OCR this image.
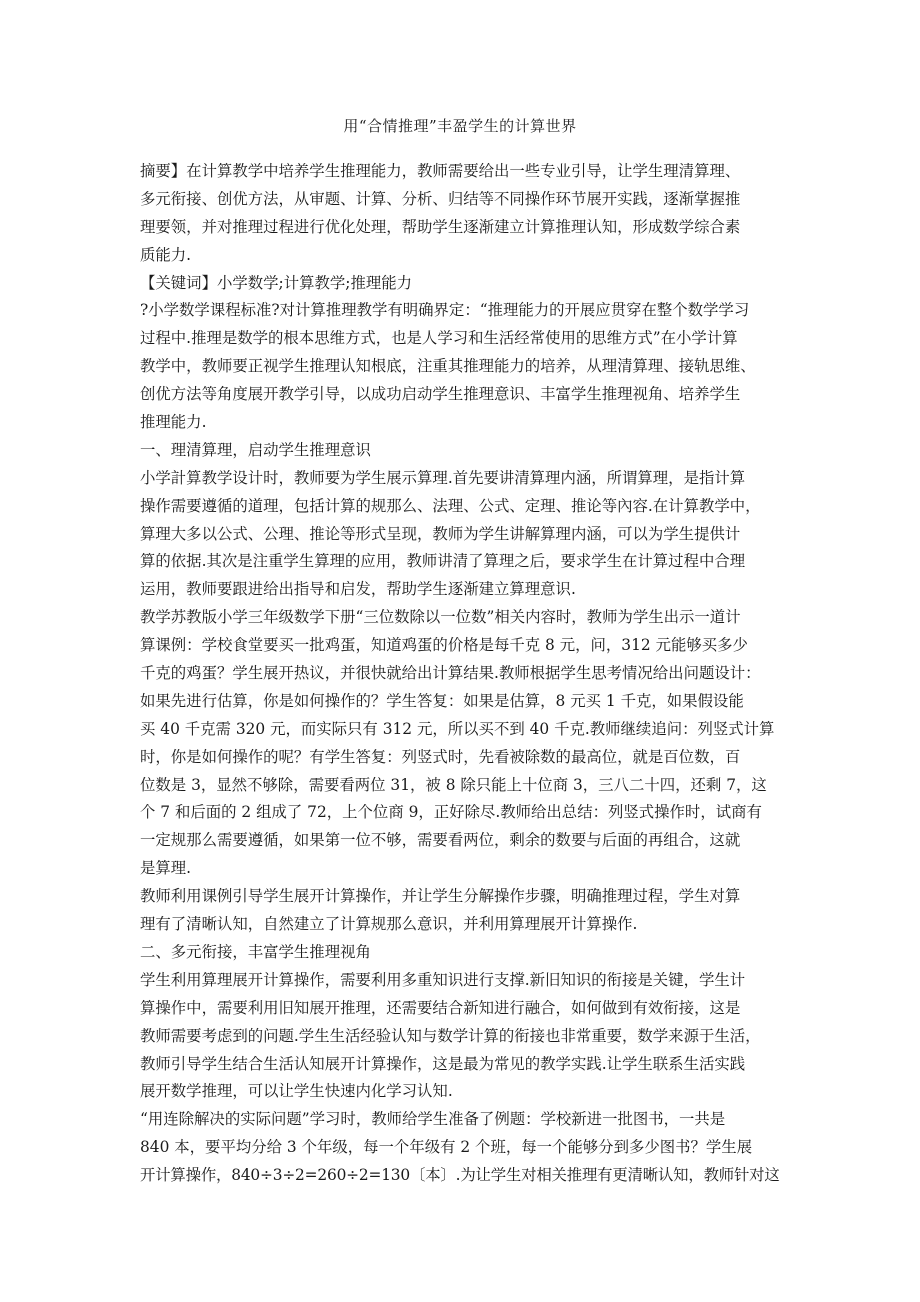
用“合情推理”丰盈学生的计算世界
摘要】在计算教学中培养学生推理能力，教师需要给出一些专业引导，让学生理清算理、
多元衔接、创优方法，从审题、计算、分析、归结等不同操作环节展开实践，逐渐掌握推
理要领，并对推理过程进行优化处理，帮助学生逐渐建立计算推理认知，形成数学综合素
质能力.
【关键词】小学数学;计算教学;推理能力
?小学数学课程标准?对计算推理教学有明确界定：“推理能力的开展应贯穿在整个数学学习
过程中.推理是数学的根本思维方式，也是人学习和生活经常使用的思维方式”在小学计算
教学中，教师要正视学生推理认知根底，注重其推理能力的培养，从理清算理、接轨思维、
创优方法等角度展开教学引导，以成功启动学生推理意识、丰富学生推理视角、培养学生
推理能力.
一、理清算理，启动学生推理意识
小学計算教学设计时，教师要为学生展示算理.首先要讲清算理内涵，所谓算理，是指计算
操作需要遵循的道理，包括计算的规那么、法理、公式、定理、推论等內容.在计算教学中，
算理大多以公式、公理、推论等形式呈现，教师为学生讲解算理内涵，可以为学生提供计
算的依据.其次是注重学生算理的应用，教师讲清了算理之后，要求学生在计算过程中合理
运用，教师要跟进给出指导和启发，帮助学生逐渐建立算理意识.
教学苏教版小学三年级数学下册“三位数除以一位数”相关内容时，教师为学生出示一道计
算课例：学校食堂要买一批鸡蛋，知道鸡蛋的价格是每千克 8 元，问，312 元能够买多少
千克的鸡蛋？学生展开热议，并很快就给出计算结果.教师根据学生思考情况给出问题设计：
如果先进行估算，你是如何操作的？学生答复：如果是估算，8 元买 1 千克，如果假设能
买 40 千克需 320 元，而实际只有 312 元，所以买不到 40 千克.教师继续追问：列竖式计算
时，你是如何操作的呢？有学生答复：列竖式时，先看被除数的最高位，就是百位数，百
位数是 3，显然不够除，需要看两位 31，被 8 除只能上十位商 3，三八二十四，还剩 7，这
个 7 和后面的 2 组成了 72，上个位商 9，正好除尽.教师给出总结：列竖式操作时，试商有
一定规那么需要遵循，如果第一位不够，需要看两位，剩余的数要与后面的再组合，这就
是算理.
教师利用课例引导学生展开计算操作，并让学生分解操作步骤，明确推理过程，学生对算
理有了清晰认知，自然建立了计算规那么意识，并利用算理展开计算操作.
二、多元衔接，丰富学生推理视角
学生利用算理展开计算操作，需要利用多重知识进行支撑.新旧知识的衔接是关键，学生计
算操作中，需要利用旧知展开推理，还需要结合新知进行融合，如何做到有效衔接，这是
教师需要考虑到的问题.学生生活经验认知与数学计算的衔接也非常重要，数学来源于生活，
教师引导学生结合生活认知展开计算操作，这是最为常见的教学实践.让学生联系生活实践
展开数学推理，可以让学生快速内化学习认知.
“用连除解决的实际问题”学习时，教师给学生准备了例题：学校新进一批图书，一共是
840 本，要平均分给 3 个年级，每一个年级有 2 个班，每一个能够分到多少图书？学生展
开计算操作，840÷3÷2=260÷2=130〔本〕.为让学生对相关推理有更清晰认知，教师针对这
